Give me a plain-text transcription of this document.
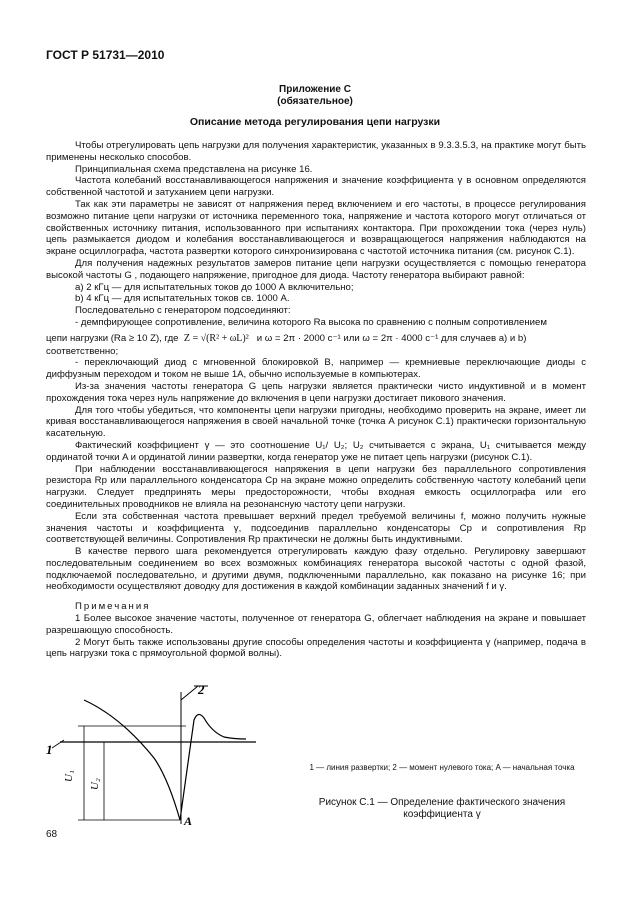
ГОСТ Р 51731—2010
Приложение С
(обязательное)
Описание метода регулирования цепи нагрузки

Чтобы отрегулировать цепь нагрузки для получения характеристик, указанных в 9.3.3.5.3, на практике могут быть применены несколько способов.

Принципиальная схема представлена на рисунке 16.

Частота колебаний восстанавливающегося напряжения и значение коэффициента γ в основном определяются собственной частотой и затуханием цепи нагрузки.

Так как эти параметры не зависят от напряжения перед включением и его частоты, в процессе регулирования возможно питание цепи нагрузки от источника переменного тока, напряжение и частота которого могут отличаться от свойственных источнику питания, использованного при испытаниях контактора. При прохождении тока (через нуль) цепь размыкается диодом и колебания восстанавливающегося и возвращающегося напряжения наблюдаются на экране осциллографа, частота развертки которого синхронизирована с частотой источника питания (см. рисунок С.1).

Для получения надежных результатов замеров питание цепи нагрузки осуществляется с помощью генератора высокой частоты G , подающего напряжение, пригодное для диода. Частоту генератора выбирают равной:

a) 2 кГц — для испытательных токов до 1000 А включительно;

b) 4 кГц — для испытательных токов св. 1000 А.

Последовательно с генератором подсоединяют:

- демпфирующее сопротивление, величина которого Ra высока по сравнению с полным сопротивлением

цепи нагрузки (Ra ≥ 10 Z), где Z = √(R² + ωL)² и ω = 2π · 2000 с⁻¹ или ω = 2π · 4000 с⁻¹ для случаев a) и b)

соответственно;

- переключающий диод с мгновенной блокировкой B, например — кремниевые переключающие диоды с диффузным переходом и током не выше 1A, обычно используемые в компьютерах.

Из-за значения частоты генератора G цепь нагрузки является практически чисто индуктивной и в момент прохождения тока через нуль напряжение до включения в цепи нагрузки достигает пикового значения.

Для того чтобы убедиться, что компоненты цепи нагрузки пригодны, необходимо проверить на экране, имеет ли кривая восстанавливающегося напряжения в своей начальной точке (точка А рисунок С.1) практически горизонтальную касательную.

Фактический коэффициент γ — это соотношение U₁/ U₂; U₂ считывается с экрана, U₁ считывается между ординатой точки A и ординатой линии развертки, когда генератор уже не питает цепь нагрузки (рисунок С.1).

При наблюдении восстанавливающегося напряжения в цепи нагрузки без параллельного сопротивления резистора Rp или параллельного конденсатора Cp на экране можно определить собственную частоту колебаний цепи нагрузки. Следует предпринять меры предосторожности, чтобы входная емкость осциллографа или его соединительных проводников не влияла на резонансную частоту цепи нагрузки.

Если эта собственная частота превышает верхний предел требуемой величины f, можно получить нужные значения частоты и коэффициента γ, подсоединив параллельно конденсаторы Cp и сопротивления Rp соответствующей величины. Сопротивления Rp практически не должны быть индуктивными.

В качестве первого шага рекомендуется отрегулировать каждую фазу отдельно. Регулировку завершают последовательным соединением во всех возможных комбинациях генератора высокой частоты с одной фазой, подключаемой последовательно, и другими двумя, подключенными параллельно, как показано на рисунке 16; при необходимости осуществляют доводку для достижения в каждой комбинации заданных значений f и γ.

Примечания

1 Более высокое значение частоты, полученное от генератора G, облегчает наблюдения на экране и повышает разрешающую способность.

2 Могут быть также использованы другие способы определения частоты и коэффициента γ (например, подача в цепь нагрузки тока с прямоугольной формой волны).

1
2
U₁
U₂
A
1 — линия развертки; 2 — момент нулевого тока; A — начальная точка
Рисунок С.1 — Определение фактического значения
коэффициента γ
68
